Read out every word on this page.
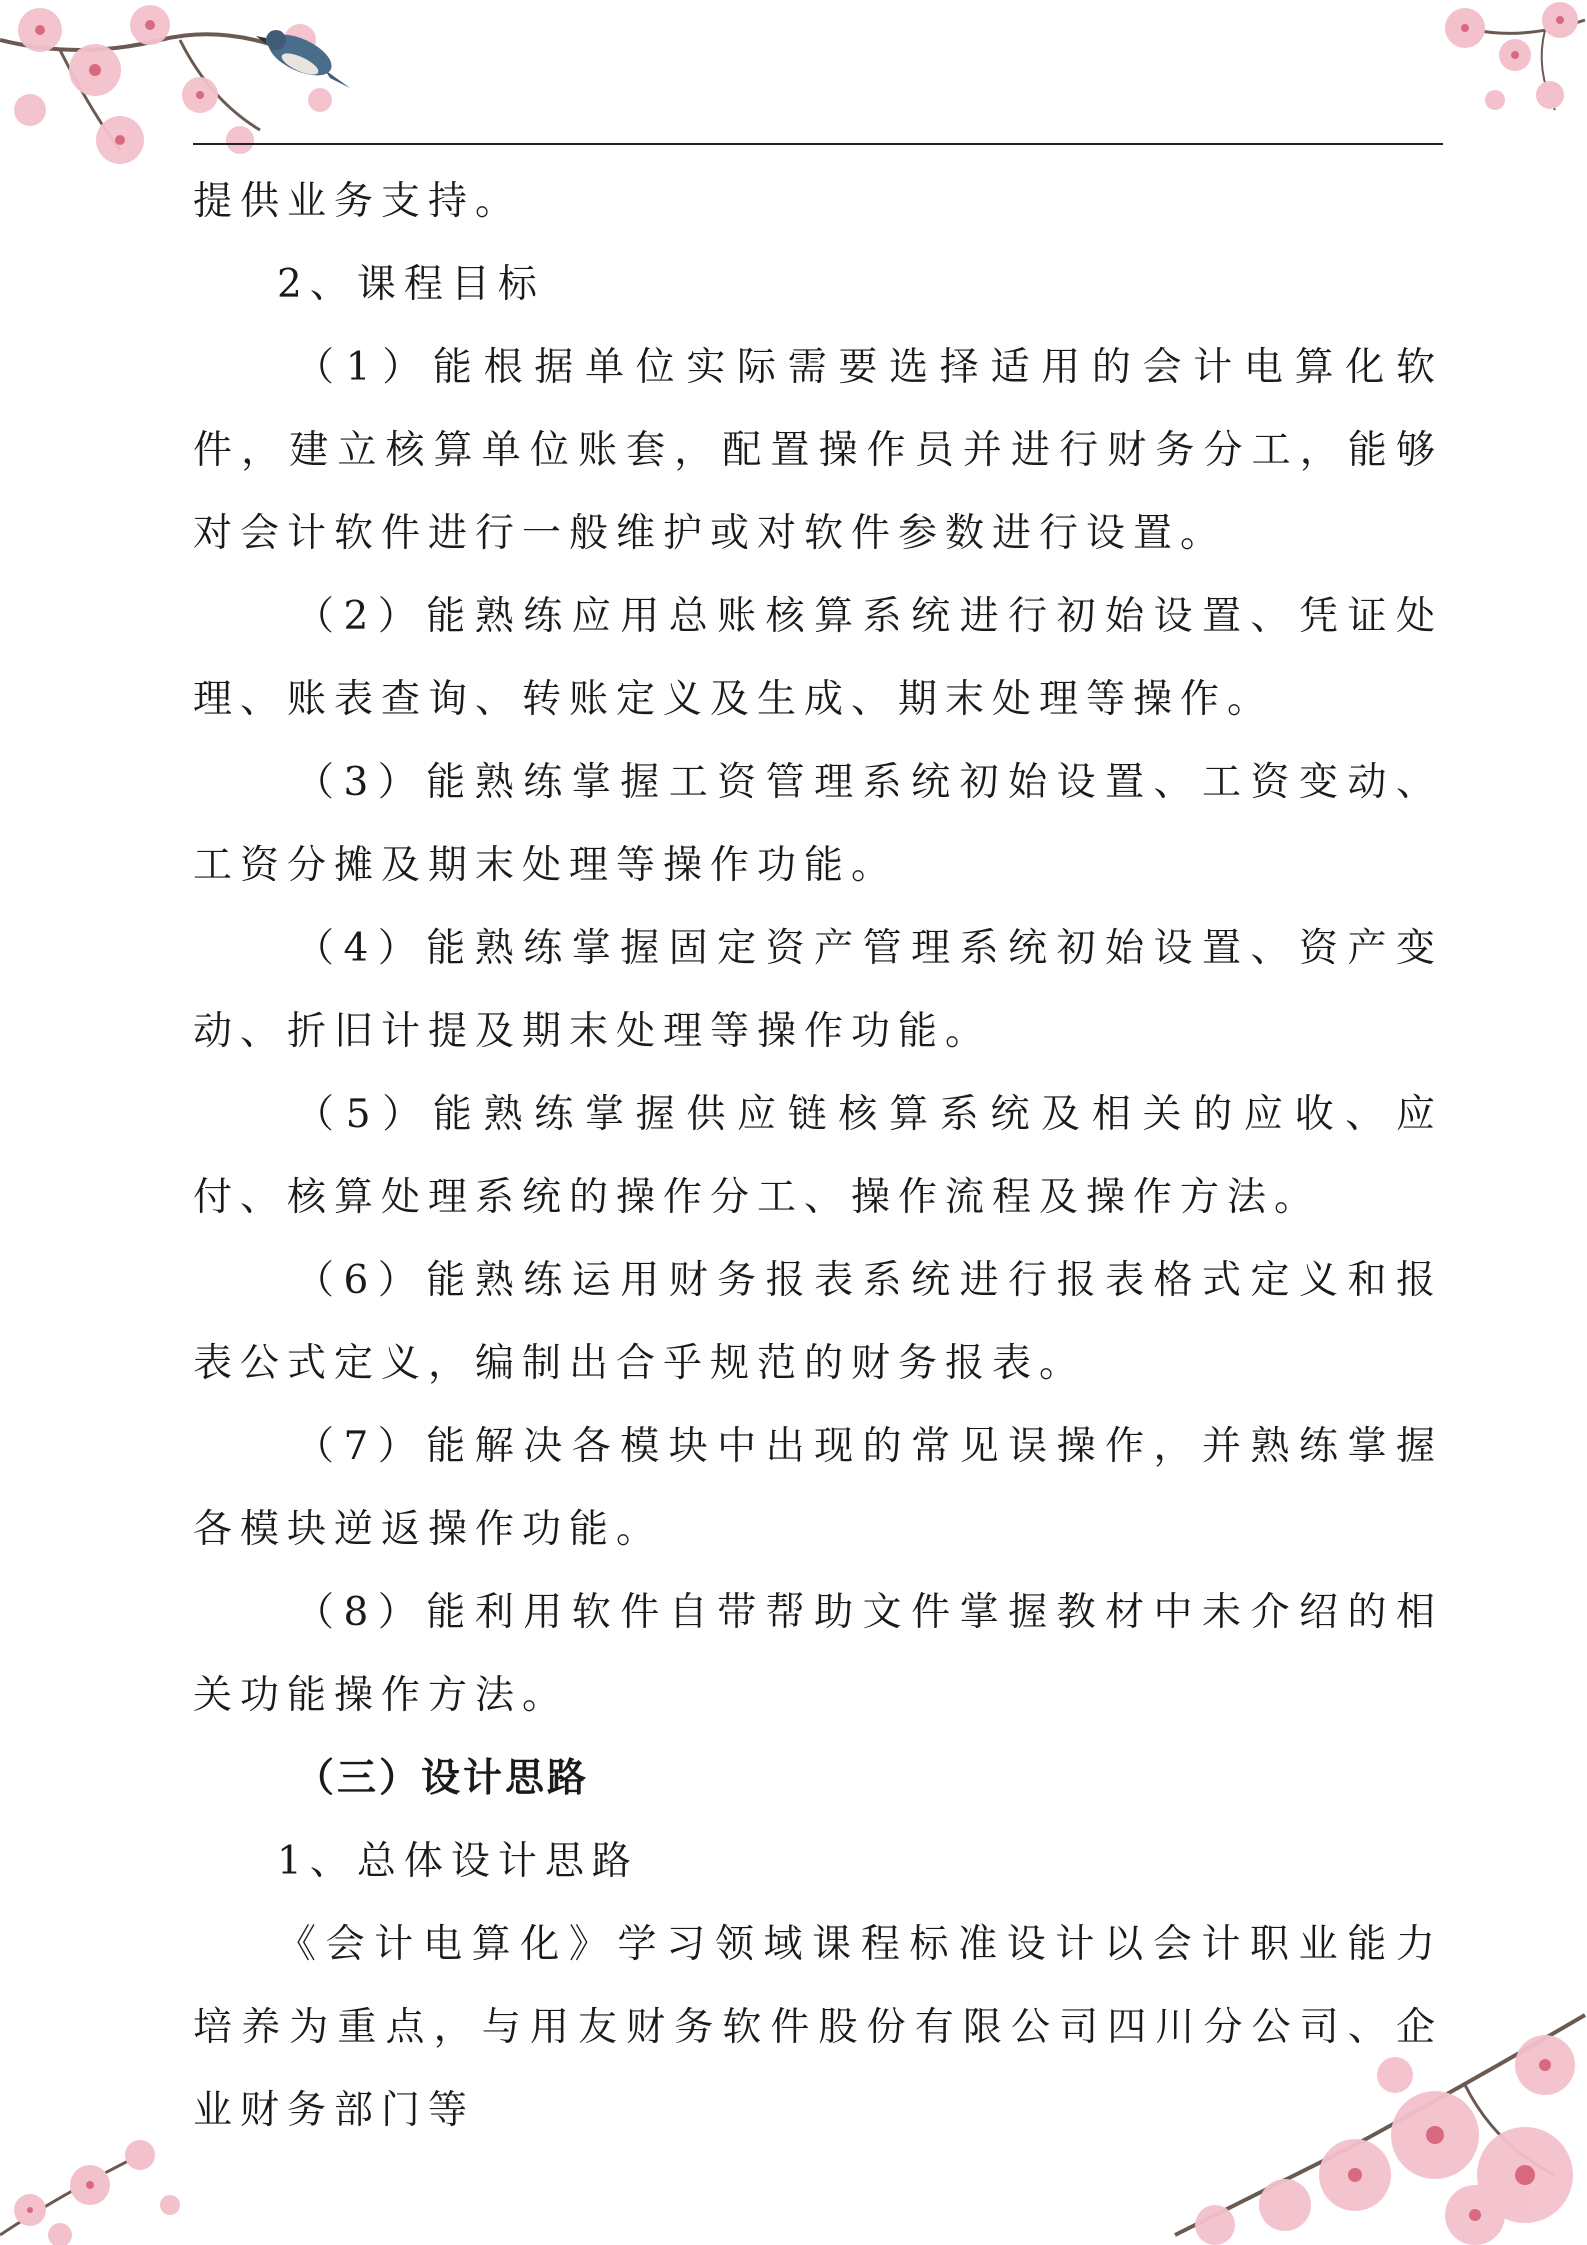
提供业务支持。

2、课程目标

（1）能根据单位实际需要选择适用的会计电算化软件，建立核算单位账套，配置操作员并进行财务分工，能够对会计软件进行一般维护或对软件参数进行设置。

（2）能熟练应用总账核算系统进行初始设置、凭证处理、账表查询、转账定义及生成、期末处理等操作。

（3）能熟练掌握工资管理系统初始设置、工资变动、工资分摊及期末处理等操作功能。

（4）能熟练掌握固定资产管理系统初始设置、资产变动、折旧计提及期末处理等操作功能。

（5）能熟练掌握供应链核算系统及相关的应收、应付、核算处理系统的操作分工、操作流程及操作方法。

（6）能熟练运用财务报表系统进行报表格式定义和报表公式定义，编制出合乎规范的财务报表。

（7）能解决各模块中出现的常见误操作，并熟练掌握各模块逆返操作功能。

（8）能利用软件自带帮助文件掌握教材中未介绍的相关功能操作方法。

（三）设计思路

1、总体设计思路

《会计电算化》学习领域课程标准设计以会计职业能力培养为重点，与用友财务软件股份有限公司四川分公司、企业财务部门等
